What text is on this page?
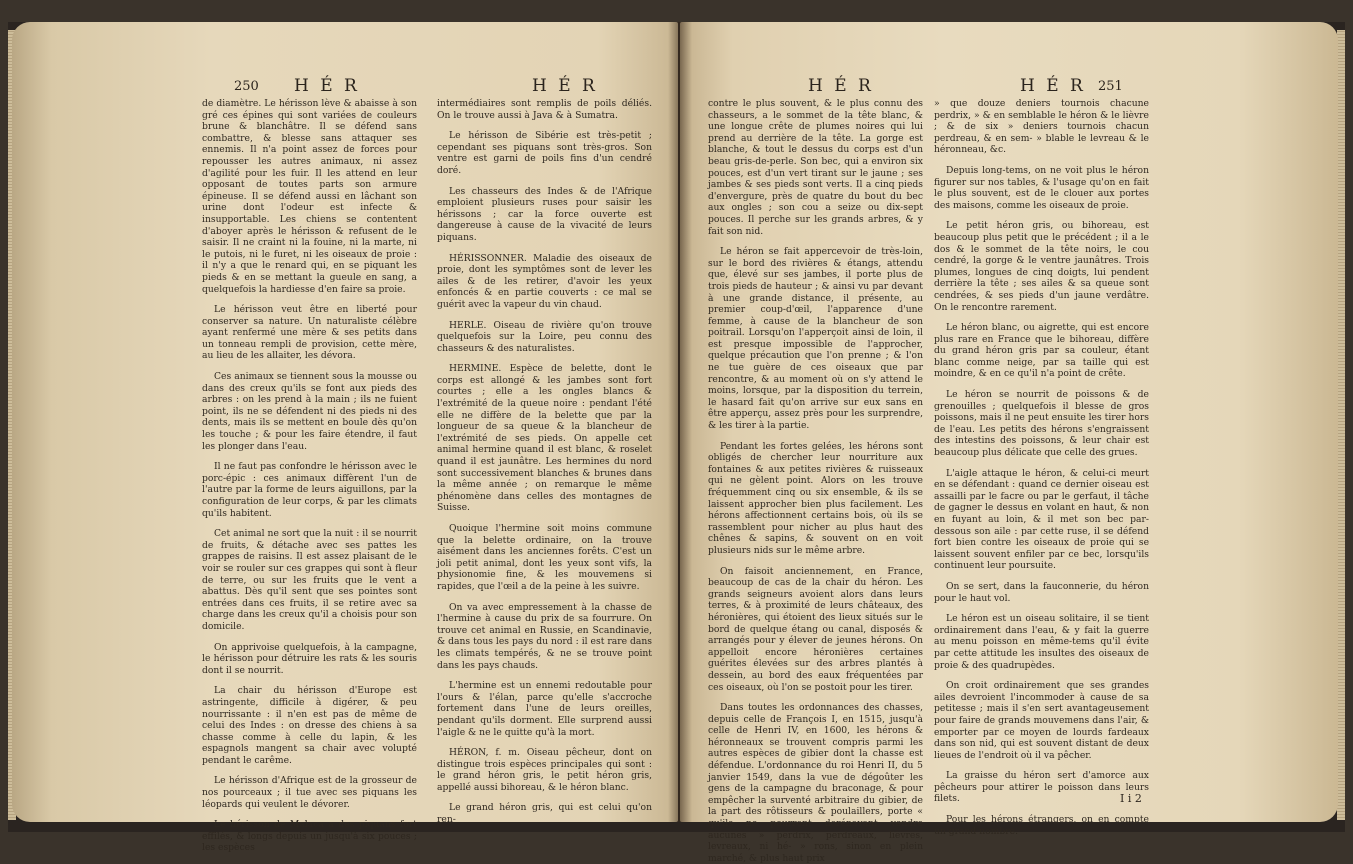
250 H É R	H É R

de diamètre. Le hérisson lève & abaisse à son gré ces épines qui sont variées de couleurs brune & blanchâtre. Il se défend sans combattre, & blesse sans attaquer ses ennemis. Il n'a point assez de forces pour repousser les autres animaux, ni assez d'agilité pour les fuir. Il les attend en leur opposant de toutes parts son armure épineuse. Il se défend aussi en lâchant son urine dont l'odeur est infecte & insupportable. Les chiens se contentent d'aboyer après le hérisson & refusent de le saisir. Il ne craint ni la fouine, ni la marte, ni le putois, ni le furet, ni les oiseaux de proie : il n'y a que le renard qui, en se piquant les pieds & en se mettant la gueule en sang, a quelquefois la hardiesse d'en faire sa proie.

Le hérisson veut être en liberté pour conserver sa nature. Un naturaliste célèbre ayant renfermé une mère & ses petits dans un tonneau rempli de provision, cette mère, au lieu de les allaiter, les dévora.

Ces animaux se tiennent sous la mousse ou dans des creux qu'ils se font aux pieds des arbres : on les prend à la main ; ils ne fuient point, ils ne se défendent ni des pieds ni des dents, mais ils se mettent en boule dès qu'on les touche ; & pour les faire étendre, il faut les plonger dans l'eau.

Il ne faut pas confondre le hérisson avec le porc-épic : ces animaux diffèrent l'un de l'autre par la forme de leurs aiguillons, par la configuration de leur corps, & par les climats qu'ils habitent.

Cet animal ne sort que la nuit : il se nourrit de fruits, & détache avec ses pattes les grappes de raisins. Il est assez plaisant de le voir se rouler sur ces grappes qui sont à fleur de terre, ou sur les fruits que le vent a abattus. Dès qu'il sent que ses pointes sont entrées dans ces fruits, il se retire avec sa charge dans les creux qu'il a choisis pour son domicile.

On apprivoise quelquefois, à la campagne, le hérisson pour détruire les rats & les souris dont il se nourrit.

La chair du hérisson d'Europe est astringente, difficile à digérer, & peu nourrissante : il n'en est pas de même de celui des Indes : on dresse des chiens à sa chasse comme à celle du lapin, & les espagnols mangent sa chair avec volupté pendant le carême.

Le hérisson d'Afrique est de la grosseur de nos pourceaux ; il tue avec ses piquans les léopards qui veulent le dévorer.

Le hérisson de Malaca a des piquans fort effilés, & longs depuis un jusqu'à six pouces ; les espèces

intermédiaires sont remplis de poils déliés. On le trouve aussi à Java & à Sumatra.

Le hérisson de Sibérie est très-petit ; cependant ses piquans sont très-gros. Son ventre est garni de poils fins d'un cendré doré.

Les chasseurs des Indes & de l'Afrique emploient plusieurs ruses pour saisir les hérissons ; car la force ouverte est dangereuse à cause de la vivacité de leurs piquans.

HÉRISSONNER. Maladie des oiseaux de proie, dont les symptômes sont de lever les ailes & de les retirer, d'avoir les yeux enfoncés & en partie couverts : ce mal se guérit avec la vapeur du vin chaud.

HERLE. Oiseau de rivière qu'on trouve quelquefois sur la Loire, peu connu des chasseurs & des naturalistes.

HERMINE. Espèce de belette, dont le corps est allongé & les jambes sont fort courtes ; elle a les ongles blancs & l'extrémité de la queue noire : pendant l'été elle ne diffère de la belette que par la longueur de sa queue & la blancheur de l'extrémité de ses pieds. On appelle cet animal hermine quand il est blanc, & roselet quand il est jaunâtre. Les hermines du nord sont successivement blanches & brunes dans la même année ; on remarque le même phénomène dans celles des montagnes de Suisse.

Quoique l'hermine soit moins commune que la belette ordinaire, on la trouve aisément dans les anciennes forêts. C'est un joli petit animal, dont les yeux sont vifs, la physionomie fine, & les mouvemens si rapides, que l'œil a de la peine à les suivre.

On va avec empressement à la chasse de l'hermine à cause du prix de sa fourrure. On trouve cet animal en Russie, en Scandinavie, & dans tous les pays du nord : il est rare dans les climats tempérés, & ne se trouve point dans les pays chauds.

L'hermine est un ennemi redoutable pour l'ours & l'élan, parce qu'elle s'accroche fortement dans l'une de leurs oreilles, pendant qu'ils dorment. Elle surprend aussi l'aigle & ne le quitte qu'à la mort.

HÉRON, f. m. Oiseau pêcheur, dont on distingue trois espèces principales qui sont : le grand héron gris, le petit héron gris, appellé aussi bihoreau, & le héron blanc.

Le grand héron gris, qui est celui qu'on ren-

H É R	H É R 251

contre le plus souvent, & le plus connu des chasseurs, a le sommet de la tête blanc, & une longue crête de plumes noires qui lui prend au derrière de la tête. La gorge est blanche, & tout le dessus du corps est d'un beau gris-de-perle. Son bec, qui a environ six pouces, est d'un vert tirant sur le jaune ; ses jambes & ses pieds sont verts. Il a cinq pieds d'envergure, près de quatre du bout du bec aux ongles ; son cou a seize ou dix-sept pouces. Il perche sur les grands arbres, & y fait son nid.

Le héron se fait appercevoir de très-loin, sur le bord des rivières & étangs, attendu que, élevé sur ses jambes, il porte plus de trois pieds de hauteur ; & ainsi vu par devant à une grande distance, il présente, au premier coup-d'œil, l'apparence d'une femme, à cause de la blancheur de son poitrail. Lorsqu'on l'apperçoit ainsi de loin, il est presque impossible de l'approcher, quelque précaution que l'on prenne ; & l'on ne tue guère de ces oiseaux que par rencontre, & au moment où on s'y attend le moins, lorsque, par la disposition du terrein, le hasard fait qu'on arrive sur eux sans en être apperçu, assez près pour les surprendre, & les tirer à la partie.

Pendant les fortes gelées, les hérons sont obligés de chercher leur nourriture aux fontaines & aux petites rivières & ruisseaux qui ne gèlent point. Alors on les trouve fréquemment cinq ou six ensemble, & ils se laissent approcher bien plus facilement. Les hérons affectionnent certains bois, où ils se rassemblent pour nicher au plus haut des chênes & sapins, & souvent on en voit plusieurs nids sur le même arbre.

On faisoit anciennement, en France, beaucoup de cas de la chair du héron. Les grands seigneurs avoient alors dans leurs terres, & à proximité de leurs châteaux, des héronières, qui étoient des lieux situés sur le bord de quelque étang ou canal, disposés & arrangés pour y élever de jeunes hérons. On appelloit encore héronières certaines guérites élevées sur des arbres plantés à dessein, au bord des eaux fréquentées par ces oiseaux, où l'on se postoit pour les tirer.

Dans toutes les ordonnances des chasses, depuis celle de François I, en 1515, jusqu'à celle de Henri IV, en 1600, les hérons & héronneaux se trouvent compris parmi les autres espèces de gibier dont la chasse est défendue. L'ordonnance du roi Henri II, du 5 janvier 1549, dans la vue de dégoûter les gens de la campagne du braconage, & pour empêcher la surventé arbitraire du gibier, de la part des rôtisseurs & poulaillers, porte « qu'ils ne pourront dorénavant vendre aucunes » perdrix, perdreaux, lièvres, levreaux, ni hé- » rons, sinon en plein marché, & plus haut prix

» que douze deniers tournois chacune perdrix, » & en semblable le héron & le lièvre ; & de six » deniers tournois chacun perdreau, & en sem- » blable le levreau & le héronneau, &c.

Depuis long-tems, on ne voit plus le héron figurer sur nos tables, & l'usage qu'on en fait le plus souvent, est de le clouer aux portes des maisons, comme les oiseaux de proie.

Le petit héron gris, ou bihoreau, est beaucoup plus petit que le précédent ; il a le dos & le sommet de la tête noirs, le cou cendré, la gorge & le ventre jaunâtres. Trois plumes, longues de cinq doigts, lui pendent derrière la tête ; ses ailes & sa queue sont cendrées, & ses pieds d'un jaune verdâtre. On le rencontre rarement.

Le héron blanc, ou aigrette, qui est encore plus rare en France que le bihoreau, diffère du grand héron gris par sa couleur, étant blanc comme neige, par sa taille qui est moindre, & en ce qu'il n'a point de crête.

Le héron se nourrit de poissons & de grenouilles ; quelquefois il blesse de gros poissons, mais il ne peut ensuite les tirer hors de l'eau. Les petits des hérons s'engraissent des intestins des poissons, & leur chair est beaucoup plus délicate que celle des grues.

L'aigle attaque le héron, & celui-ci meurt en se défendant : quand ce dernier oiseau est assailli par le facre ou par le gerfaut, il tâche de gagner le dessus en volant en haut, & non en fuyant au loin, & il met son bec par-dessous son aile : par cette ruse, il se défend fort bien contre les oiseaux de proie qui se laissent souvent enfiler par ce bec, lorsqu'ils continuent leur poursuite.

On se sert, dans la fauconnerie, du héron pour le haut vol.

Le héron est un oiseau solitaire, il se tient ordinairement dans l'eau, & y fait la guerre au menu poisson en même-tems qu'il évite par cette attitude les insultes des oiseaux de proie & des quadrupèdes.

On croit ordinairement que ses grandes ailes devroient l'incommoder à cause de sa petitesse ; mais il s'en sert avantageusement pour faire de grands mouvemens dans l'air, & emporter par ce moyen de lourds fardeaux dans son nid, qui est souvent distant de deux lieues de l'endroit où il va pêcher.

La graisse du héron sert d'amorce aux pêcheurs pour attirer le poisson dans leurs filets.

Pour les hérons étrangers, on en compte un grand nombre.

I i 2
